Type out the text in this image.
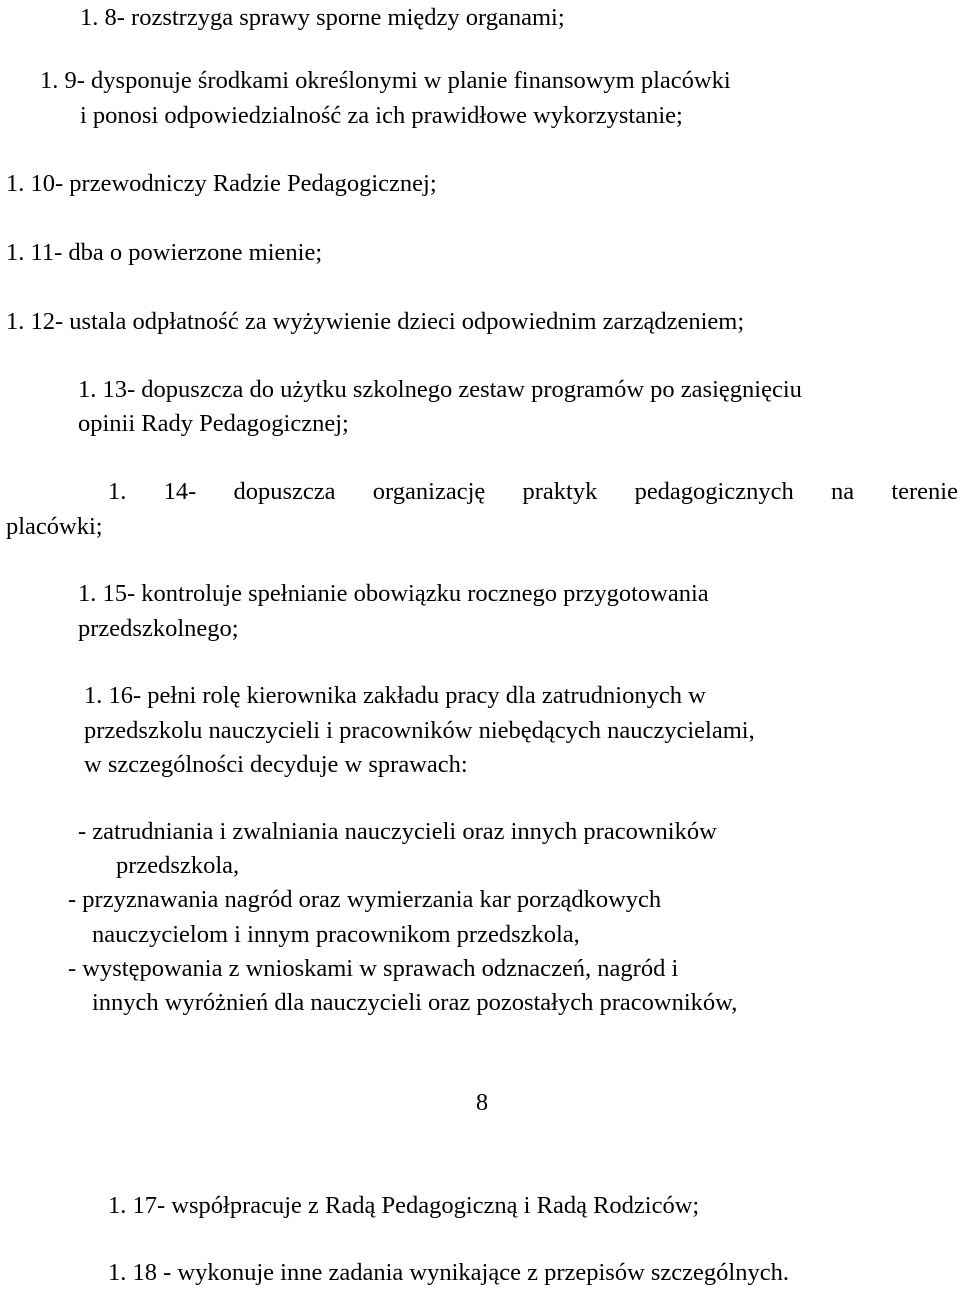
1. 8- rozstrzyga sprawy sporne między organami;
1. 9- dysponuje środkami określonymi w planie finansowym placówki
i ponosi odpowiedzialność za ich prawidłowe wykorzystanie;
1. 10- przewodniczy Radzie Pedagogicznej;
1. 11- dba o powierzone mienie;
1. 12- ustala odpłatność za wyżywienie dzieci odpowiednim zarządzeniem;
1. 13- dopuszcza do użytku szkolnego zestaw programów po zasięgnięciu
opinii Rady Pedagogicznej;
1. 14- dopuszcza organizację praktyk pedagogicznych na terenie
placówki;
1. 15- kontroluje spełnianie obowiązku rocznego przygotowania
przedszkolnego;
1. 16- pełni rolę kierownika zakładu pracy dla zatrudnionych w
przedszkolu nauczycieli i pracowników niebędących nauczycielami,
w szczególności decyduje w sprawach:
- zatrudniania i zwalniania nauczycieli oraz innych pracowników
przedszkola,
- przyznawania nagród oraz wymierzania kar porządkowych
nauczycielom i innym pracownikom przedszkola,
- występowania z wnioskami w sprawach odznaczeń, nagród i
innych wyróżnień dla nauczycieli oraz pozostałych pracowników,
8
1. 17- współpracuje z Radą Pedagogiczną i Radą Rodziców;
1. 18 - wykonuje inne zadania wynikające z przepisów szczególnych.
